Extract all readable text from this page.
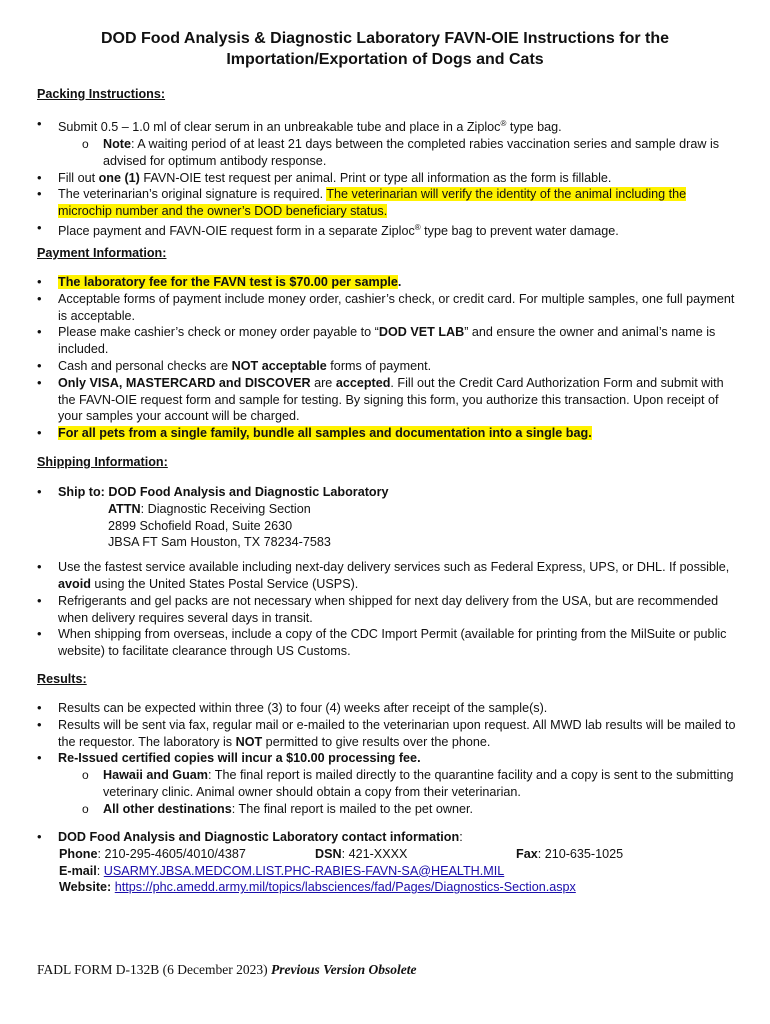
DOD Food Analysis & Diagnostic Laboratory FAVN-OIE Instructions for the
Importation/Exportation of Dogs and Cats
Packing Instructions:
• Submit 0.5 – 1.0 ml of clear serum in an unbreakable tube and place in a Ziploc® type bag.
o Note: A waiting period of at least 21 days between the completed rabies vaccination series and sample draw is advised for optimum antibody response.
• Fill out one (1) FAVN-OIE test request per animal. Print or type all information as the form is fillable.
• The veterinarian’s original signature is required. The veterinarian will verify the identity of the animal including the microchip number and the owner’s DOD beneficiary status.
• Place payment and FAVN-OIE request form in a separate Ziploc® type bag to prevent water damage.
Payment Information:
• The laboratory fee for the FAVN test is $70.00 per sample.
• Acceptable forms of payment include money order, cashier’s check, or credit card. For multiple samples, one full payment is acceptable.
• Please make cashier’s check or money order payable to “DOD VET LAB” and ensure the owner and animal’s name is included.
• Cash and personal checks are NOT acceptable forms of payment.
• Only VISA, MASTERCARD and DISCOVER are accepted. Fill out the Credit Card Authorization Form and submit with the FAVN-OIE request form and sample for testing. By signing this form, you authorize this transaction. Upon receipt of your samples your account will be charged.
• For all pets from a single family, bundle all samples and documentation into a single bag.
Shipping Information:
• Ship to: DOD Food Analysis and Diagnostic Laboratory
ATTN: Diagnostic Receiving Section
2899 Schofield Road, Suite 2630
JBSA FT Sam Houston, TX 78234-7583
• Use the fastest service available including next-day delivery services such as Federal Express, UPS, or DHL. If possible, avoid using the United States Postal Service (USPS).
• Refrigerants and gel packs are not necessary when shipped for next day delivery from the USA, but are recommended when delivery requires several days in transit.
• When shipping from overseas, include a copy of the CDC Import Permit (available for printing from the MilSuite or public website) to facilitate clearance through US Customs.
Results:
• Results can be expected within three (3) to four (4) weeks after receipt of the sample(s).
• Results will be sent via fax, regular mail or e-mailed to the veterinarian upon request. All MWD lab results will be mailed to the requestor. The laboratory is NOT permitted to give results over the phone.
• Re-Issued certified copies will incur a $10.00 processing fee.
o Hawaii and Guam: The final report is mailed directly to the quarantine facility and a copy is sent to the submitting veterinary clinic. Animal owner should obtain a copy from their veterinarian.
o All other destinations: The final report is mailed to the pet owner.
• DOD Food Analysis and Diagnostic Laboratory contact information:
Phone: 210-295-4605/4010/4387	DSN: 421-XXXX	Fax: 210-635-1025
E-mail: USARMY.JBSA.MEDCOM.LIST.PHC-RABIES-FAVN-SA@HEALTH.MIL
Website: https://phc.amedd.army.mil/topics/labsciences/fad/Pages/Diagnostics-Section.aspx
FADL FORM D-132B (6 December 2023) Previous Version Obsolete
